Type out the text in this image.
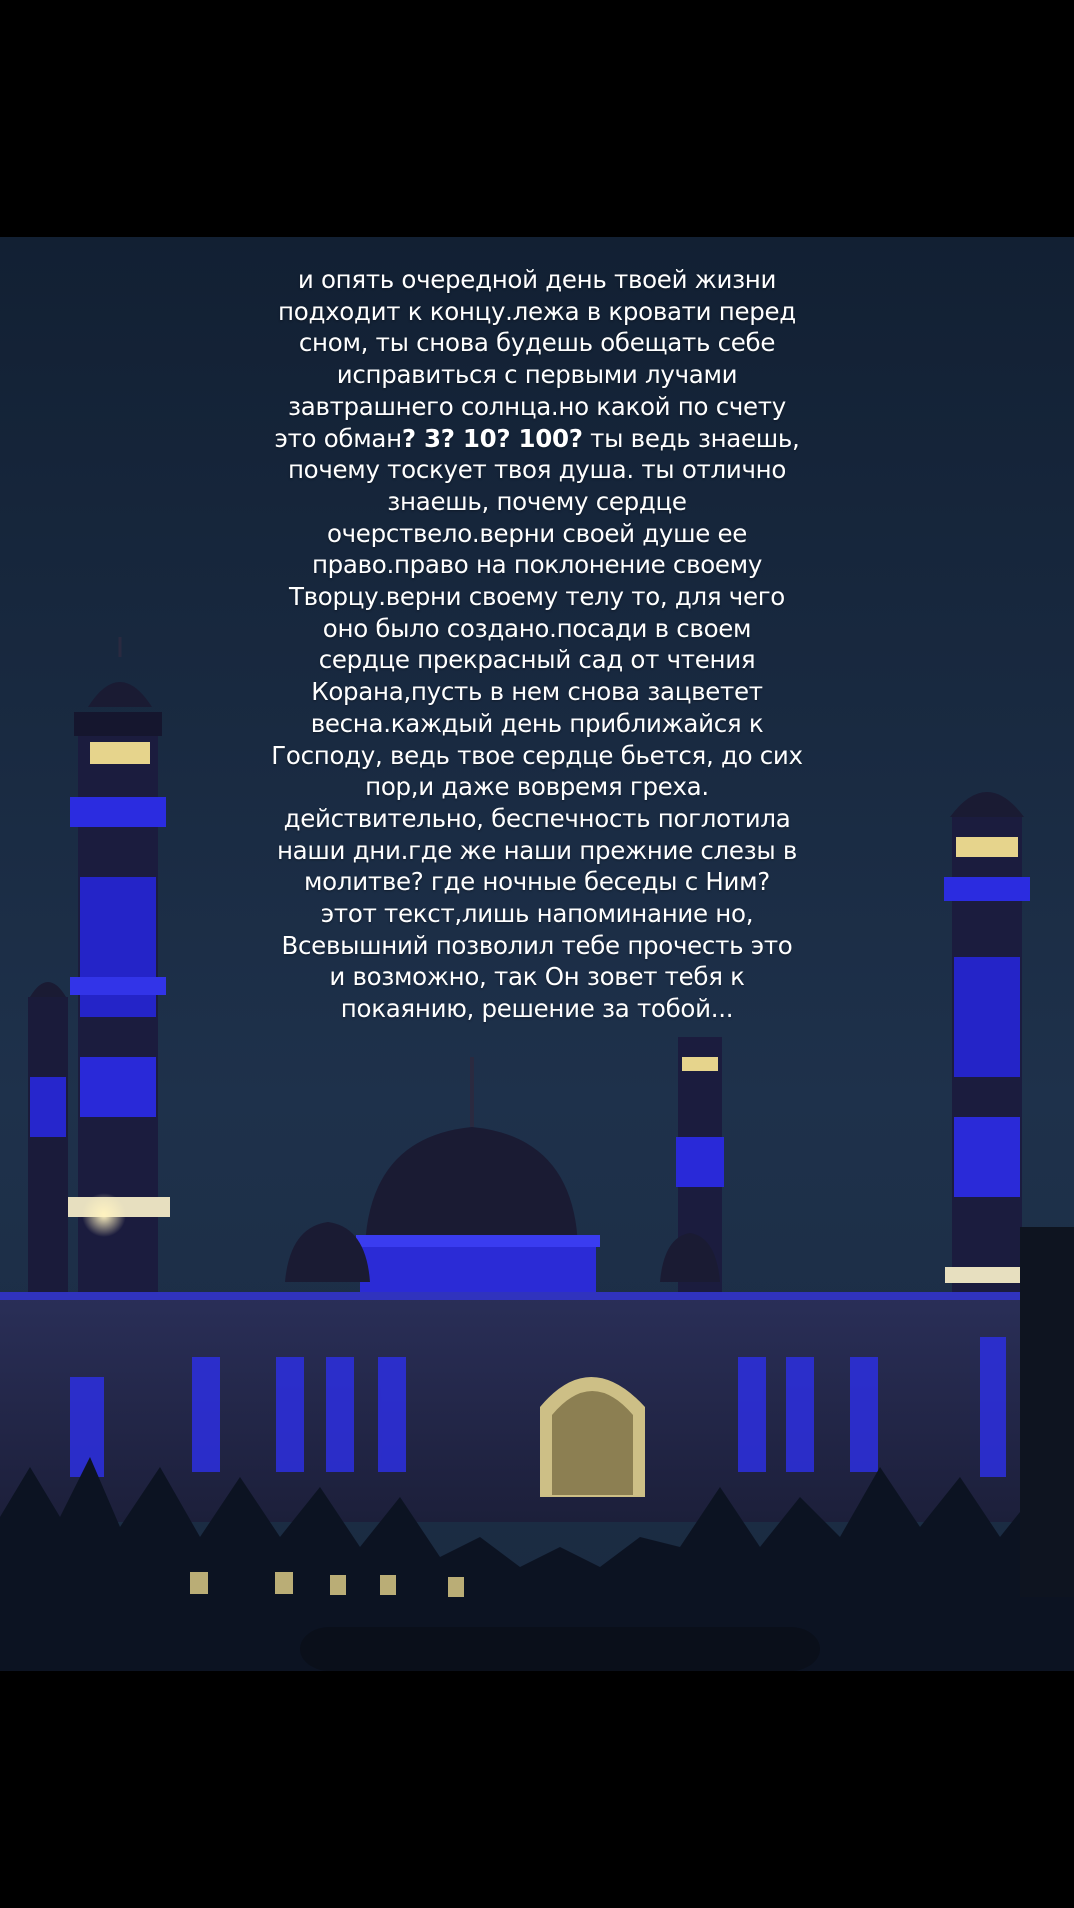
и опять очередной день твоей жизни
подходит к концу.лежа в кровати перед
сном, ты снова будешь обещать себе
исправиться с первыми лучами
завтрашнего солнца.но какой по счету
это обман? 3? 10? 100? ты ведь знаешь,
почему тоскует твоя душа. ты отлично
знаешь, почему сердце
очерствело.верни своей душе ее
право.право на поклонение своему
Творцу.верни своему телу то, для чего
оно было создано.посади в своем
сердце прекрасный сад от чтения
Корана,пусть в нем снова зацветет
весна.каждый день приближайся к
Господу, ведь твое сердце бьется, до сих
пор,и даже вовремя греха.
действительно, беспечность поглотила
наши дни.где же наши прежние слезы в
молитве? где ночные беседы с Ним?
этот текст,лишь напоминание но,
Всевышний позволил тебе прочесть это
и возможно, так Он зовет тебя к
покаянию, решение за тобой...
